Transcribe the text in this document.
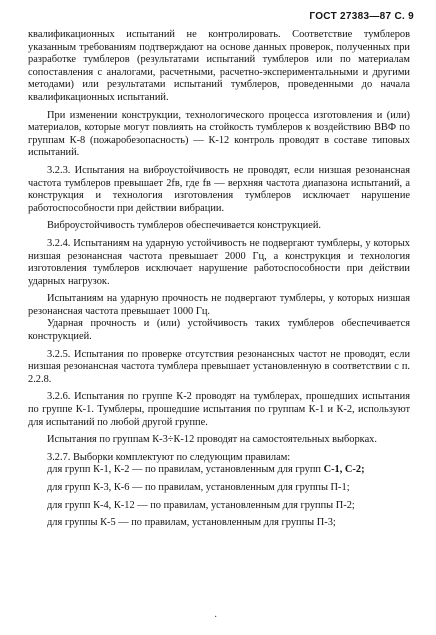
ГОСТ 27383—87 С. 9

квалификационных испытаний не контролировать. Соответствие тумблеров указанным требованиям подтверждают на основе данных проверок, полученных при разработке тумблеров (результатами испытаний тумблеров или по материалам сопоставления с аналогами, расчетными, расчетно-экспериментальными и другими методами) или результатами испытаний тумблеров, проведенными до начала квалификационных испытаний.

При изменении конструкции, технологического процесса изготовления и (или) материалов, которые могут повлиять на стойкость тумблеров к воздействию ВВФ по группам К-8 (пожаробезопасность) — К-12 контроль проводят в составе типовых испытаний.

3.2.3. Испытания на виброустойчивость не проводят, если низшая резонансная частота тумблеров превышает 2fв, где fв — верхняя частота диапазона испытаний, а конструкция и технология изготовления тумблеров исключает нарушение работоспособности при действии вибрации.

Виброустойчивость тумблеров обеспечивается конструкцией.

3.2.4. Испытаниям на ударную устойчивость не подвергают тумблеры, у которых низшая резонансная частота превышает 2000 Гц, а конструкция и технология изготовления тумблеров исключает нарушение работоспособности при действии ударных нагрузок.

Испытаниям на ударную прочность не подвергают тумблеры, у которых низшая резонансная частота превышает 1000 Гц.

Ударная прочность и (или) устойчивость таких тумблеров обеспечивается конструкцией.

3.2.5. Испытания по проверке отсутствия резонансных частот не проводят, если низшая резонансная частота тумблера превышает установленную в соответствии с п. 2.2.8.

3.2.6. Испытания по группе К-2 проводят на тумблерах, прошедших испытания по группе К-1. Тумблеры, прошедшие испытания по группам К-1 и К-2, используют для испытаний по любой другой группе.

Испытания по группам К-3÷К-12 проводят на самостоятельных выборках.

3.2.7. Выборки комплектуют по следующим правилам:

для групп К-1, К-2 — по правилам, установленным для групп С-1, С-2;

для групп К-3, К-6 — по правилам, установленным для группы П-1;

для групп К-4, К-12 — по правилам, установленным для группы П-2;

для группы К-5 — по правилам, установленным для группы П-3;

·
